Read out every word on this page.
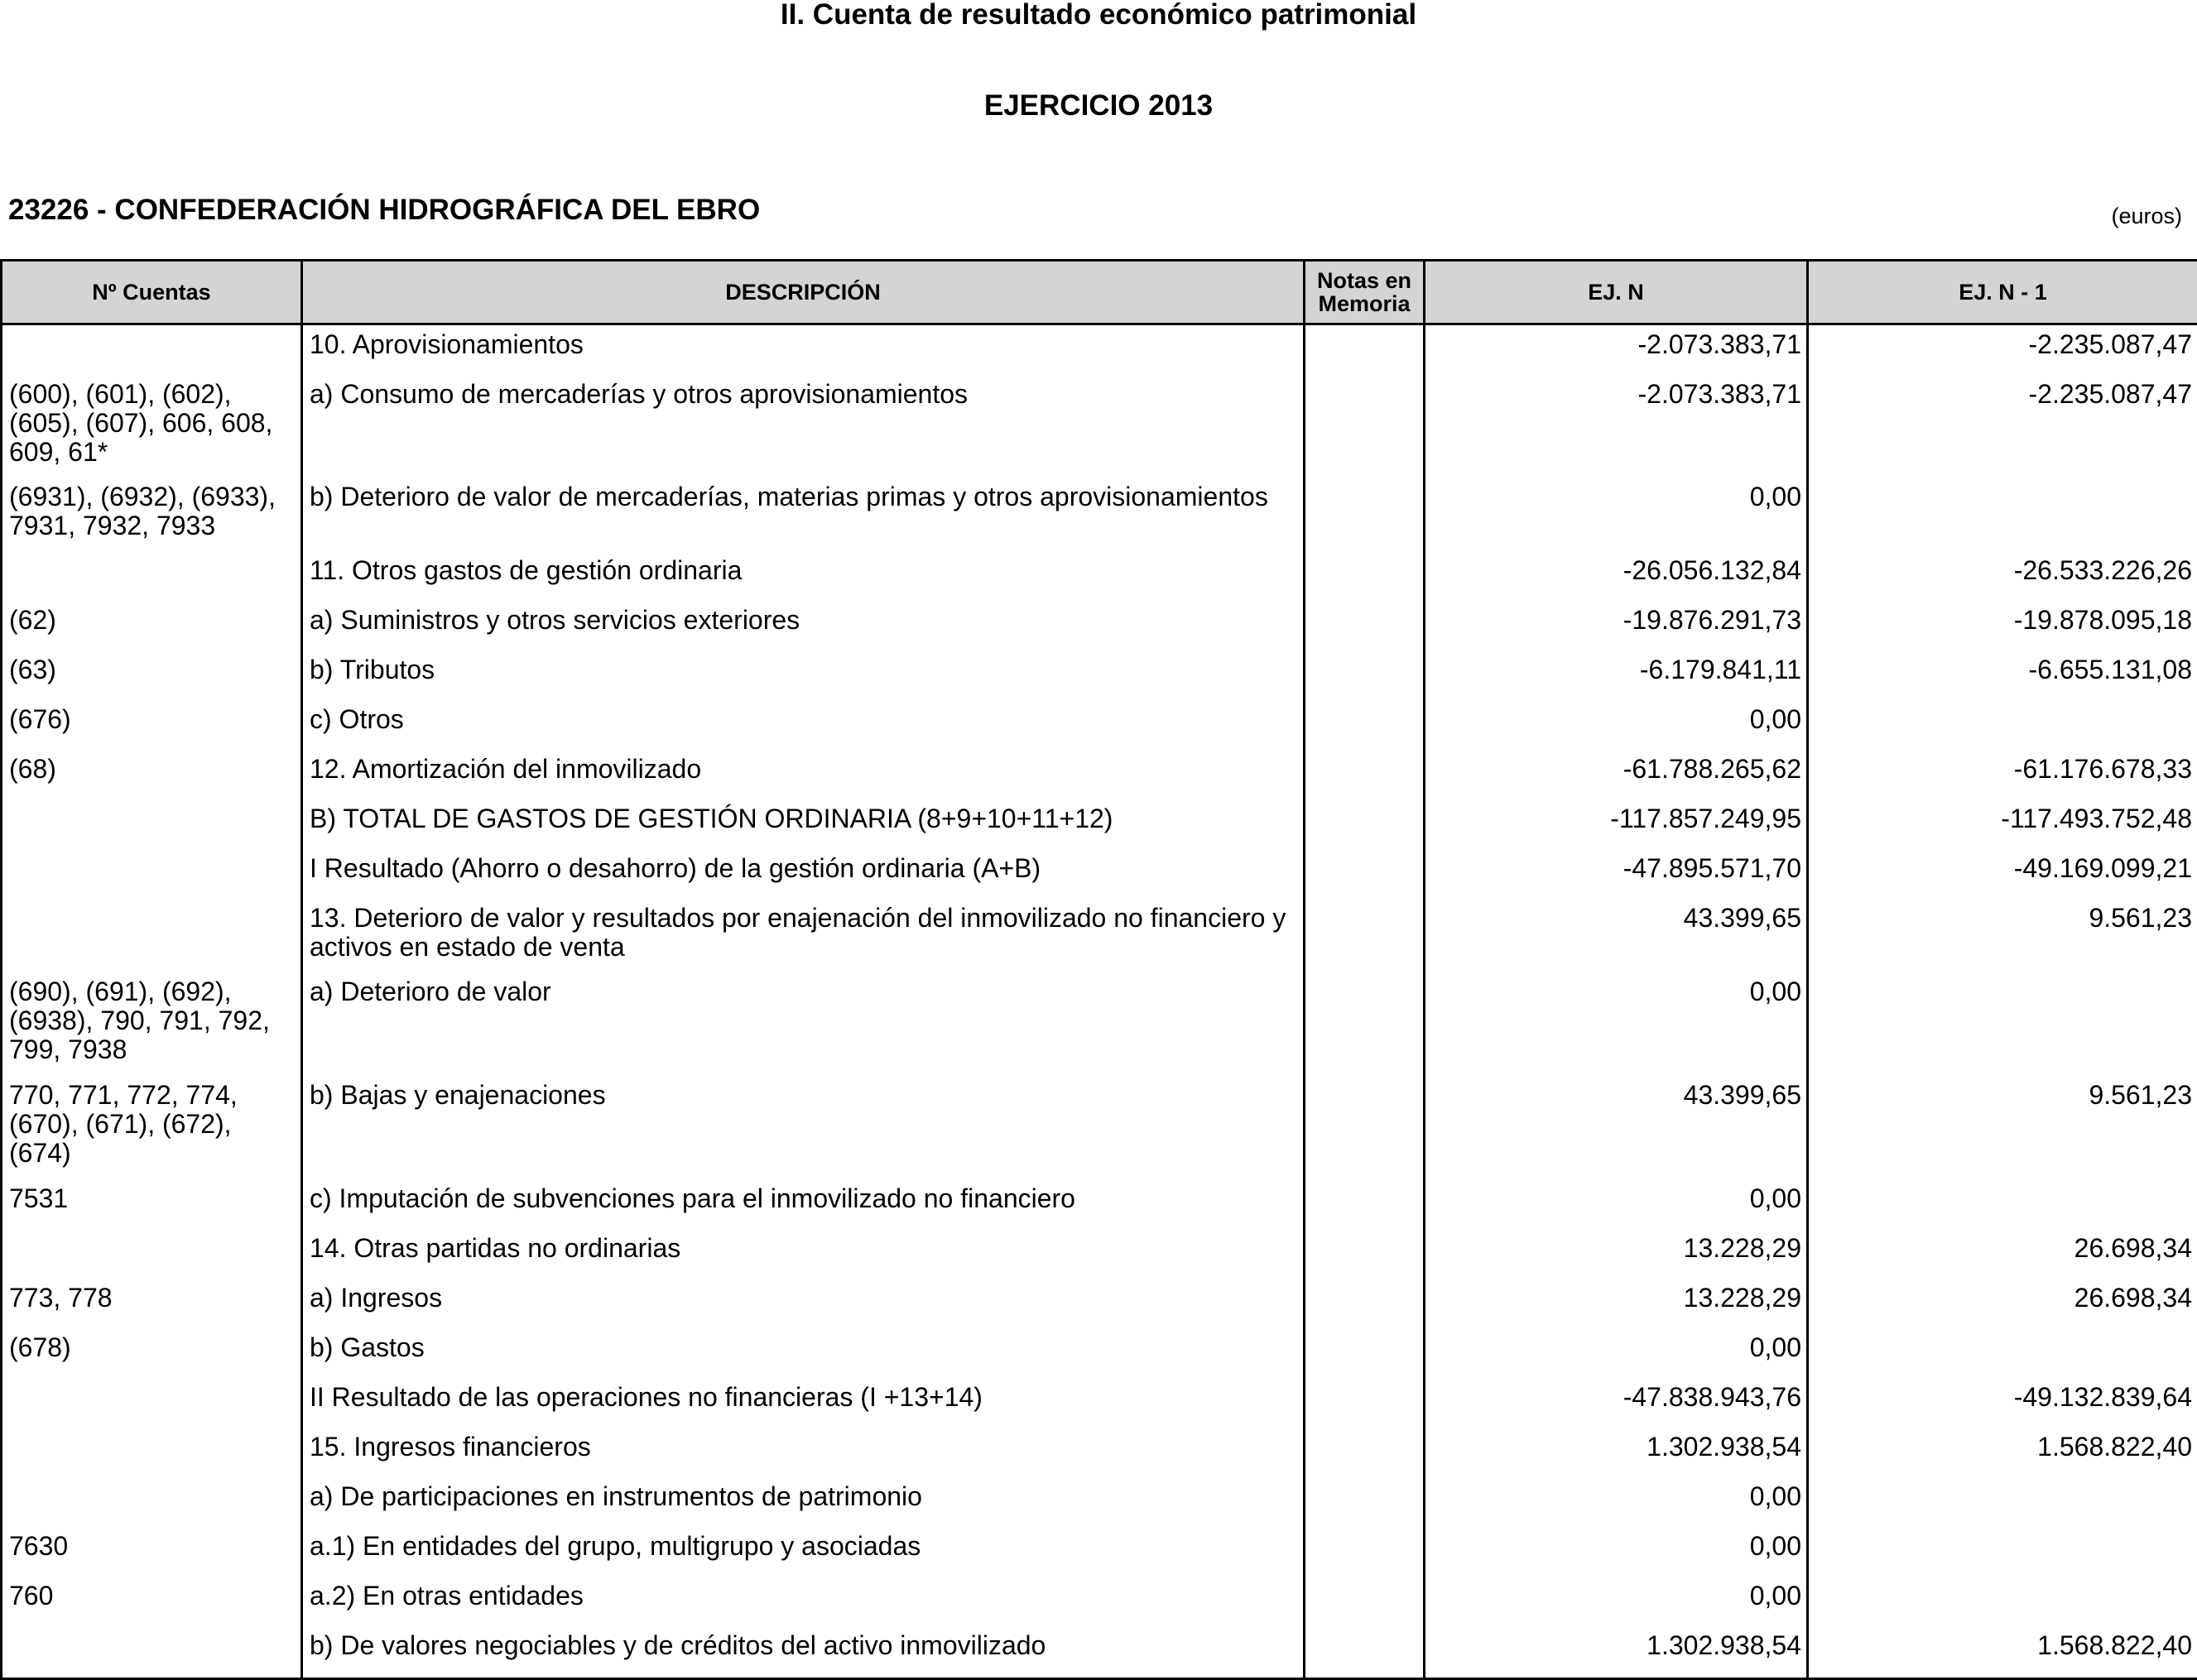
II. Cuenta de resultado económico patrimonial
EJERCICIO 2013
23226 - CONFEDERACIÓN HIDROGRÁFICA DEL EBRO	(euros)
Nº Cuentas	DESCRIPCIÓN	Notas en Memoria	EJ. N	EJ. N - 1
	10. Aprovisionamientos		-2.073.383,71	-2.235.087,47
(600), (601), (602), (605), (607), 606, 608, 609, 61*	a) Consumo de mercaderías y otros aprovisionamientos		-2.073.383,71	-2.235.087,47
(6931), (6932), (6933), 7931, 7932, 7933	b) Deterioro de valor de mercaderías, materias primas y otros aprovisionamientos		0,00	
	11. Otros gastos de gestión ordinaria		-26.056.132,84	-26.533.226,26
(62)	a) Suministros y otros servicios exteriores		-19.876.291,73	-19.878.095,18
(63)	b) Tributos		-6.179.841,11	-6.655.131,08
(676)	c) Otros		0,00	
(68)	12. Amortización del inmovilizado		-61.788.265,62	-61.176.678,33
	B) TOTAL DE GASTOS DE GESTIÓN ORDINARIA (8+9+10+11+12)		-117.857.249,95	-117.493.752,48
	I Resultado (Ahorro o desahorro) de la gestión ordinaria (A+B)		-47.895.571,70	-49.169.099,21
	13. Deterioro de valor y resultados por enajenación del inmovilizado no financiero y activos en estado de venta		43.399,65	9.561,23
(690), (691), (692), (6938), 790, 791, 792, 799, 7938	a) Deterioro de valor		0,00	
770, 771, 772, 774, (670), (671), (672), (674)	b) Bajas y enajenaciones		43.399,65	9.561,23
7531	c) Imputación de subvenciones para el inmovilizado no financiero		0,00	
	14. Otras partidas no ordinarias		13.228,29	26.698,34
773, 778	a) Ingresos		13.228,29	26.698,34
(678)	b) Gastos		0,00	
	II Resultado de las operaciones no financieras (I +13+14)		-47.838.943,76	-49.132.839,64
	15. Ingresos financieros		1.302.938,54	1.568.822,40
	a) De participaciones en instrumentos de patrimonio		0,00	
7630	a.1) En entidades del grupo, multigrupo y asociadas		0,00	
760	a.2) En otras entidades		0,00	
	b) De valores negociables y de créditos del activo inmovilizado		1.302.938,54	1.568.822,40
